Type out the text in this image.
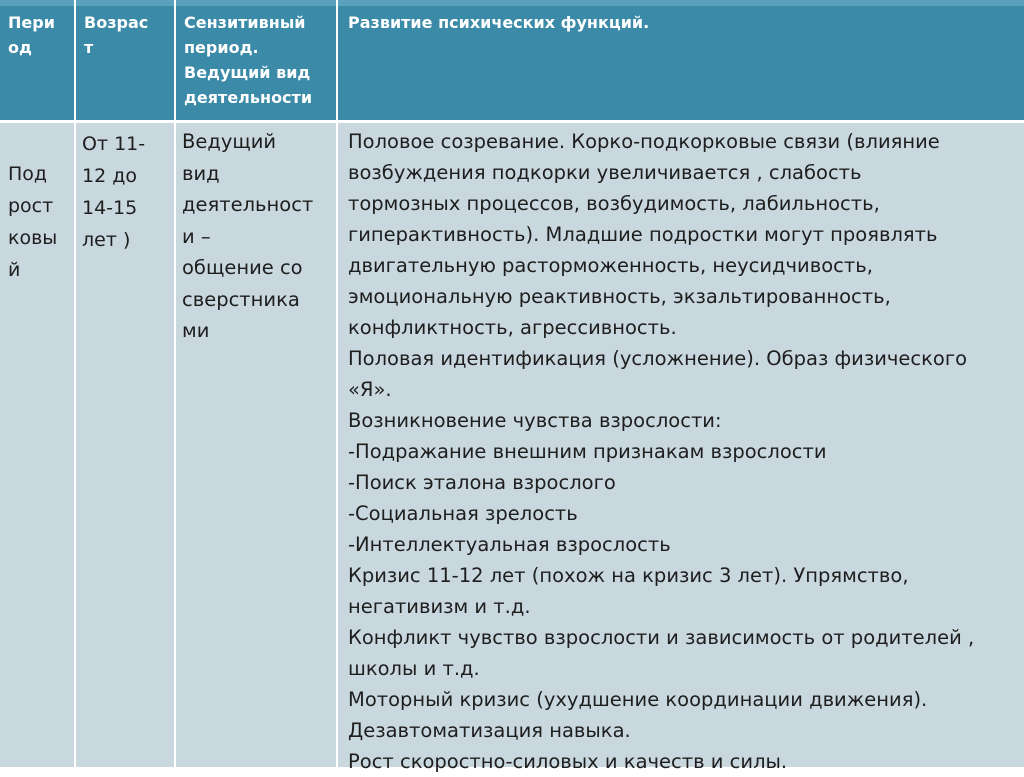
Пери
од
Возрас
т
Сензитивный
период.
Ведущий вид
деятельности
Развитие психических функций.
Под
рост
ковы
й
От 11-
12 до
14-15
лет )
Ведущий
вид
деятельност
и –
общение со
сверстника
ми
Половое созревание. Корко-подкорковые связи (влияние
возбуждения подкорки увеличивается , слабость
тормозных процессов, возбудимость, лабильность,
гиперактивность). Младшие подростки могут проявлять
двигательную расторможенность, неусидчивость,
эмоциональную реактивность, экзальтированность,
конфликтность, агрессивность.
Половая идентификация (усложнение). Образ физического
«Я».
Возникновение чувства взрослости:
-Подражание внешним признакам взрослости
-Поиск эталона взрослого
-Социальная зрелость
-Интеллектуальная взрослость
Кризис 11-12 лет (похож на кризис 3 лет). Упрямство,
негативизм и т.д.
Конфликт чувство взрослости и зависимость от родителей ,
школы и т.д.
Моторный кризис (ухудшение координации движения).
Дезавтоматизация навыка.
Рост скоростно-силовых и качеств и силы.
